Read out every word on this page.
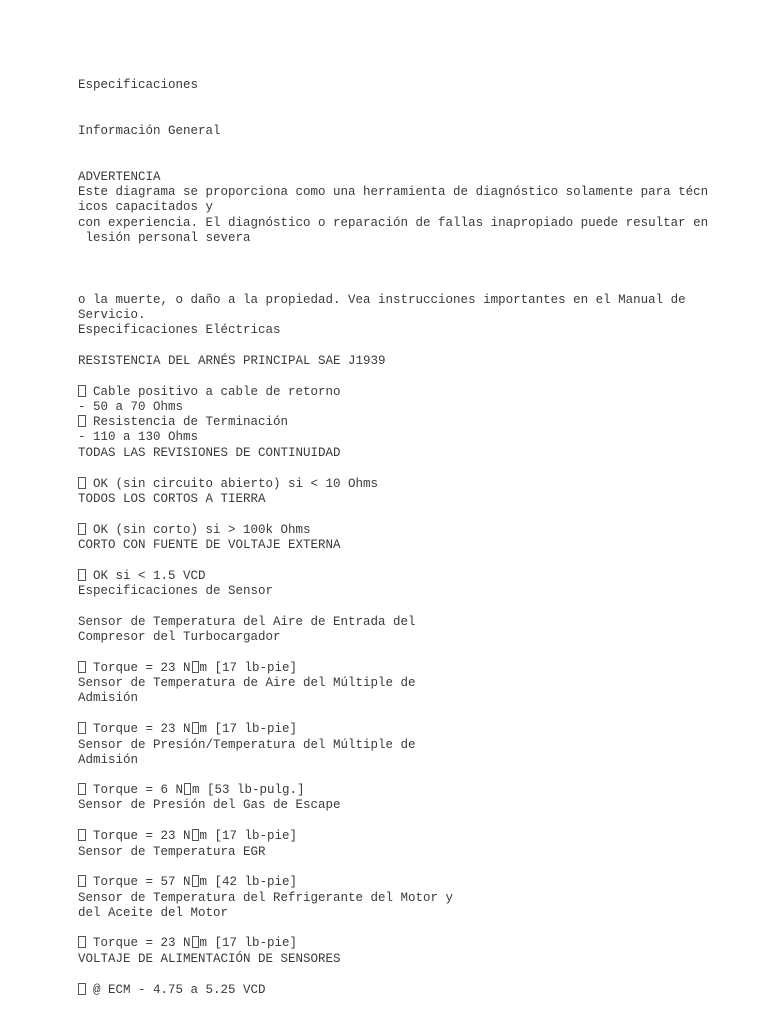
Especificaciones

Información General

ADVERTENCIA

Este diagrama se proporciona como una herramienta de diagnóstico solamente para técn

icos capacitados y

con experiencia. El diagnóstico o reparación de fallas inapropiado puede resultar en

lesión personal severa

o la muerte, o daño a la propiedad. Vea instrucciones importantes en el Manual de

Servicio.

Especificaciones Eléctricas

RESISTENCIA DEL ARNÉS PRINCIPAL SAE J1939

Cable positivo a cable de retorno

- 50 a 70 Ohms

Resistencia de Terminación

- 110 a 130 Ohms

TODAS LAS REVISIONES DE CONTINUIDAD

OK (sin circuito abierto) si < 10 Ohms

TODOS LOS CORTOS A TIERRA

OK (sin corto) si > 100k Ohms

CORTO CON FUENTE DE VOLTAJE EXTERNA

OK si < 1.5 VCD

Especificaciones de Sensor

Sensor de Temperatura del Aire de Entrada del

Compresor del Turbocargador

Torque = 23 N m [17 lb-pie]

Sensor de Temperatura de Aire del Múltiple de

Admisión

Torque = 23 N m [17 lb-pie]

Sensor de Presión/Temperatura del Múltiple de

Admisión

Torque = 6 N m [53 lb-pulg.]

Sensor de Presión del Gas de Escape

Torque = 23 N m [17 lb-pie]

Sensor de Temperatura EGR

Torque = 57 N m [42 lb-pie]

Sensor de Temperatura del Refrigerante del Motor y

del Aceite del Motor

Torque = 23 N m [17 lb-pie]

VOLTAJE DE ALIMENTACIÓN DE SENSORES

@ ECM - 4.75 a 5.25 VCD
